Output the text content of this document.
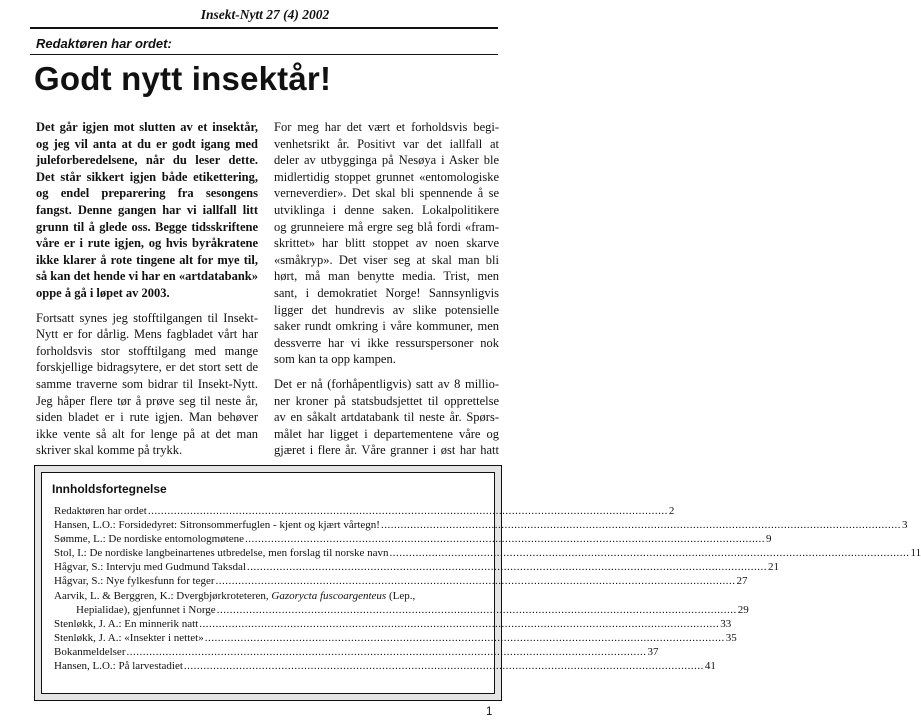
Insekt-Nytt 27 (4) 2002
Redaktøren har ordet:
Godt nytt insektår!
Det går igjen mot slutten av et insektår,
og jeg vil anta at du er godt igang med
juleforberedelsene, når du leser dette.
Det står sikkert igjen både etikettering,
og endel preparering fra sesongens
fangst. Denne gangen har vi iallfall litt
grunn til å glede oss. Begge tidsskriftene
våre er i rute igjen, og hvis byråkratene
ikke klarer å rote tingene alt for mye til,
så kan det hende vi har en «artdatabank»
oppe å gå i løpet av 2003.
Fortsatt synes jeg stofftilgangen til Insekt-
Nytt er for dårlig. Mens fagbladet vårt har
forholdsvis stor stofftilgang med mange
forskjellige bidragsytere, er det stort sett de
samme traverne som bidrar til Insekt-Nytt.
Jeg håper flere tør å prøve seg til neste år,
siden bladet er i rute igjen. Man behøver
ikke vente så alt for lenge på at det man
skriver skal komme på trykk.
For meg har det vært et forholdsvis begi-
venhetsrikt år. Positivt var det iallfall at
deler av utbygginga på Nesøya i Asker ble
midlertidig stoppet grunnet «entomologiske
verneverdier». Det skal bli spennende å se
utviklinga i denne saken. Lokalpolitikere
og grunneiere må ergre seg blå fordi «fram-
skrittet» har blitt stoppet av noen skarve
«småkryp». Det viser seg at skal man bli
hørt, må man benytte media. Trist, men
sant, i demokratiet Norge! Sannsynligvis
ligger det hundrevis av slike potensielle
saker rundt omkring i våre kommuner, men
dessverre har vi ikke ressurspersoner nok
som kan ta opp kampen.
Det er nå (forhåpentligvis) satt av 8 millio-
ner kroner på statsbudsjettet til opprettelse
av en såkalt artdatabank til neste år. Spørs-
målet har ligget i departementene våre og
gjæret i flere år. Våre granner i øst har hatt
Innholdsfortegnelse
Redaktøren har ordet .....	2
Hansen, L.O.: Forsidedyret: Sitronsommerfuglen - kjent og kjært vårtegn! .....	3
Sømme, L.: De nordiske entomologmøtene .....	9
Stol, I.: De nordiske langbeinartenes utbredelse, men forslag til norske navn .....	11
Hågvar, S.: Intervju med Gudmund Taksdal .....	21
Hågvar, S.: Nye fylkesfunn for teger .....	27
Aarvik, L. & Berggren, K.: Dvergbjørkroteteren, Gazorycta fuscoargenteus (Lep.,
Hepialidae), gjenfunnet i Norge .....	29
Stenløkk, J. A.: En minnerik natt .....	33
Stenløkk, J. A.: «Insekter i nettet» .....	35
Bokanmeldelser .....	37
Hansen, L.O.: På larvestadiet .....	41
1
